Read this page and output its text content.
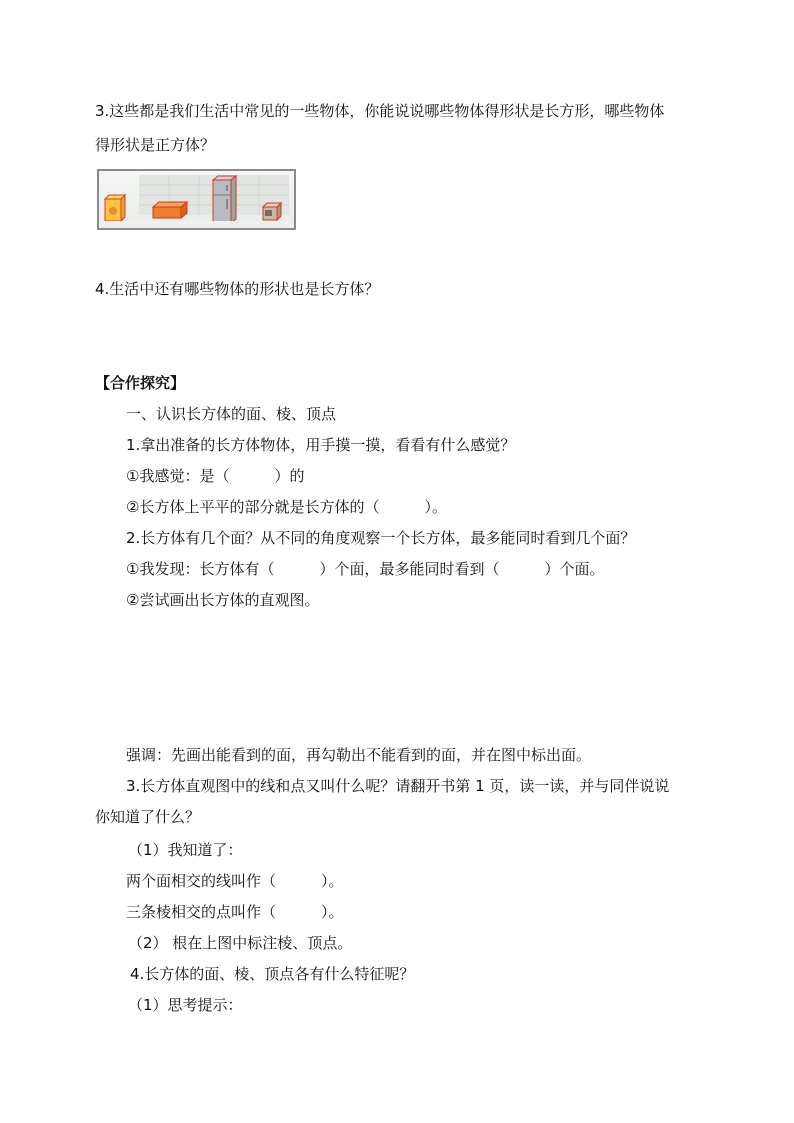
3.这些都是我们生活中常见的一些物体，你能说说哪些物体得形状是长方形，哪些物体
得形状是正方体？
4.生活中还有哪些物体的形状也是长方体？
【合作探究】
一、认识长方体的面、棱、顶点
1.拿出准备的长方体物体，用手摸一摸，看看有什么感觉？
①我感觉：是（　　　）的
②长方体上平平的部分就是长方体的（　　　）。
2.长方体有几个面？从不同的角度观察一个长方体，最多能同时看到几个面？
①我发现：长方体有（　　　）个面，最多能同时看到（　　　）个面。
②尝试画出长方体的直观图。
强调：先画出能看到的面，再勾勒出不能看到的面，并在图中标出面。
3.长方体直观图中的线和点又叫什么呢？请翻开书第 1 页，读一读，并与同伴说说
你知道了什么？
（1）我知道了：
两个面相交的线叫作（　　　）。
三条棱相交的点叫作（　　　）。
（2） 根在上图中标注棱、顶点。
4.长方体的面、棱、顶点各有什么特征呢？
（1）思考提示：
